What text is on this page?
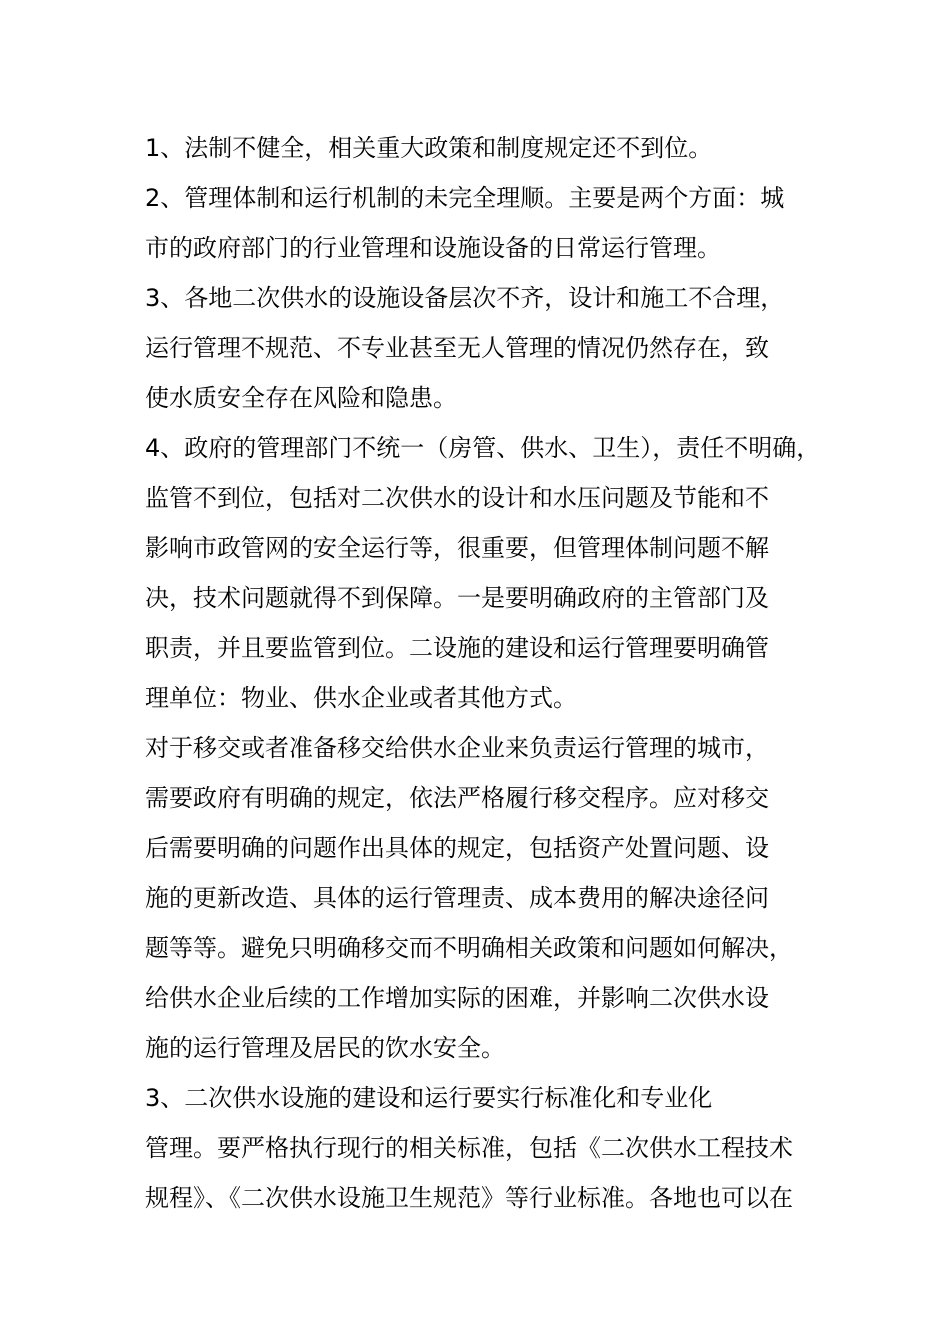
1、法制不健全，相关重大政策和制度规定还不到位。
2、管理体制和运行机制的未完全理顺。主要是两个方面：城
市的政府部门的行业管理和设施设备的日常运行管理。
3、各地二次供水的设施设备层次不齐，设计和施工不合理，
运行管理不规范、不专业甚至无人管理的情况仍然存在，致
使水质安全存在风险和隐患。
4、政府的管理部门不统一（房管、供水、卫生），责任不明确，
监管不到位，包括对二次供水的设计和水压问题及节能和不
影响市政管网的安全运行等，很重要，但管理体制问题不解
决，技术问题就得不到保障。一是要明确政府的主管部门及
职责，并且要监管到位。二设施的建设和运行管理要明确管
理单位：物业、供水企业或者其他方式。
对于移交或者准备移交给供水企业来负责运行管理的城市，
需要政府有明确的规定，依法严格履行移交程序。应对移交
后需要明确的问题作出具体的规定，包括资产处置问题、设
施的更新改造、具体的运行管理责、成本费用的解决途径问
题等等。避免只明确移交而不明确相关政策和问题如何解决，
给供水企业后续的工作增加实际的困难，并影响二次供水设
施的运行管理及居民的饮水安全。
3、二次供水设施的建设和运行要实行标准化和专业化
管理。要严格执行现行的相关标准，包括《二次供水工程技术
规程》、《二次供水设施卫生规范》等行业标准。各地也可以在
